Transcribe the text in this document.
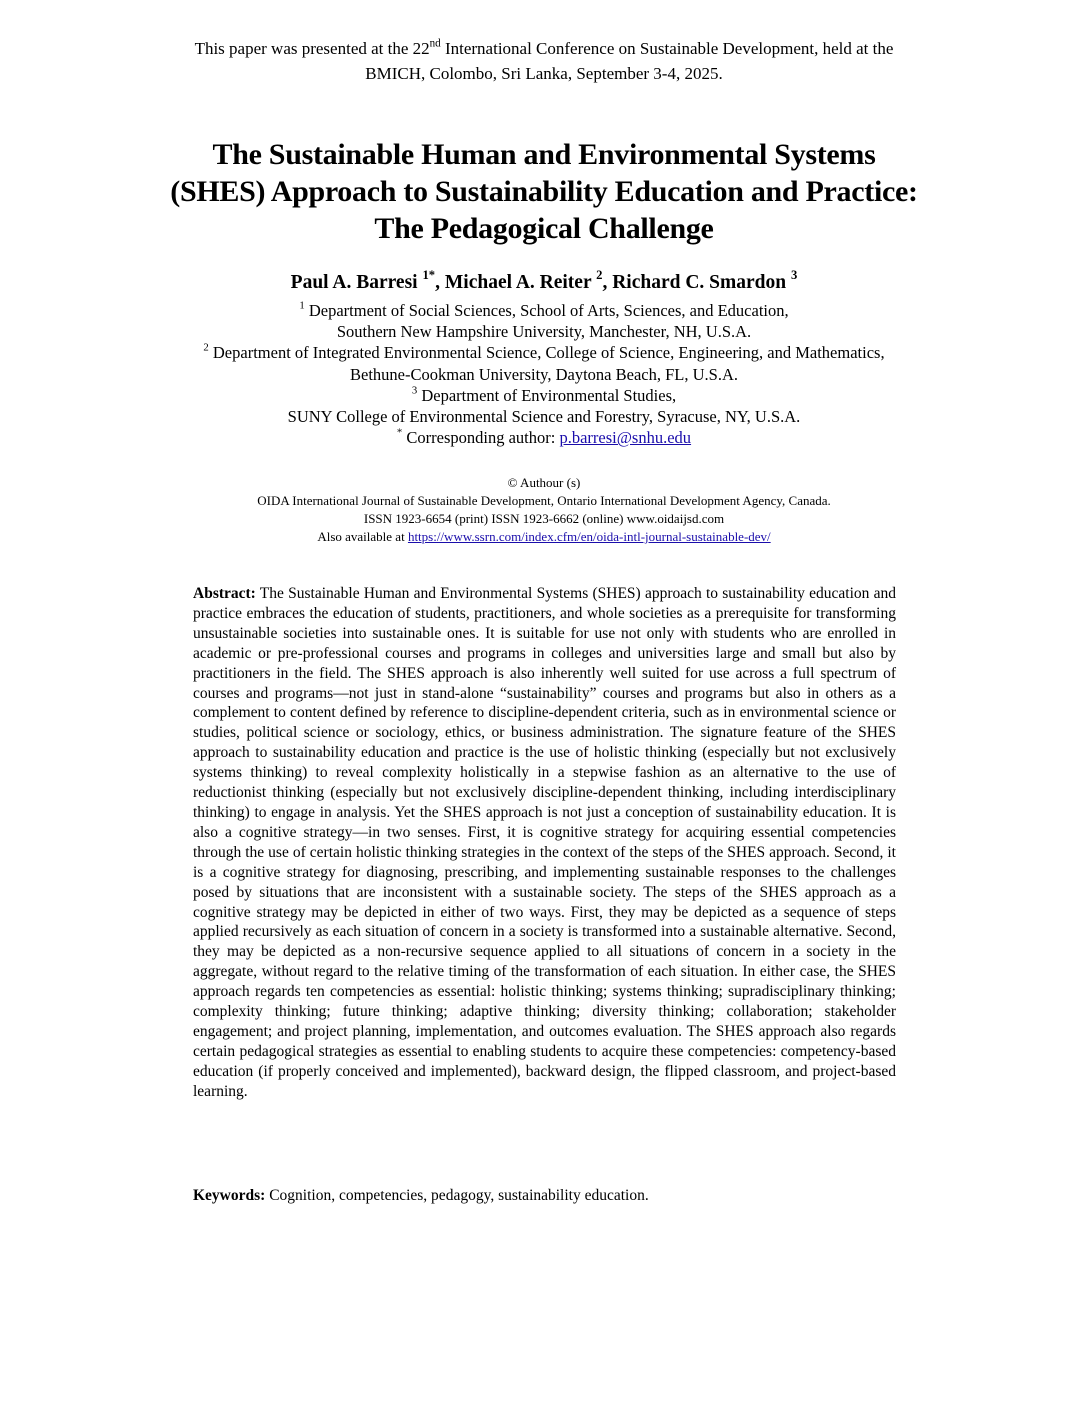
This paper was presented at the 22nd International Conference on Sustainable Development, held at the
BMICH, Colombo, Sri Lanka, September 3-4, 2025.
The Sustainable Human and Environmental Systems
(SHES) Approach to Sustainability Education and Practice:
The Pedagogical Challenge
Paul A. Barresi $^{1*}$, Michael A. Reiter $^2$, Richard C. Smardon $^3$
$^1$ Department of Social Sciences, School of Arts, Sciences, and Education,
Southern New Hampshire University, Manchester, NH, U.S.A.
$^2$ Department of Integrated Environmental Science, College of Science, Engineering, and Mathematics,
Bethune-Cookman University, Daytona Beach, FL, U.S.A.
$^3$ Department of Environmental Studies,
SUNY College of Environmental Science and Forestry, Syracuse, NY, U.S.A.
* Corresponding author: p.barresi@snhu.edu
© Authour (s)
OIDA International Journal of Sustainable Development, Ontario International Development Agency, Canada.
ISSN 1923-6654 (print) ISSN 1923-6662 (online) www.oidaijsd.com
Also available at https://www.ssrn.com/index.cfm/en/oida-intl-journal-sustainable-dev/
Abstract: The Sustainable Human and Environmental Systems (SHES) approach to sustainability education and practice embraces the education of students, practitioners, and whole societies as a prerequisite for transforming unsustainable societies into sustainable ones. It is suitable for use not only with students who are enrolled in academic or pre-professional courses and programs in colleges and universities large and small but also by practitioners in the field. The SHES approach is also inherently well suited for use across a full spectrum of courses and programs—not just in stand-alone “sustainability” courses and programs but also in others as a complement to content defined by reference to discipline-dependent criteria, such as in environmental science or studies, political science or sociology, ethics, or business administration. The signature feature of the SHES approach to sustainability education and practice is the use of holistic thinking (especially but not exclusively systems thinking) to reveal complexity holistically in a stepwise fashion as an alternative to the use of reductionist thinking (especially but not exclusively discipline-dependent thinking, including interdisciplinary thinking) to engage in analysis. Yet the SHES approach is not just a conception of sustainability education. It is also a cognitive strategy—in two senses. First, it is cognitive strategy for acquiring essential competencies through the use of certain holistic thinking strategies in the context of the steps of the SHES approach. Second, it is a cognitive strategy for diagnosing, prescribing, and implementing sustainable responses to the challenges posed by situations that are inconsistent with a sustainable society. The steps of the SHES approach as a cognitive strategy may be depicted in either of two ways. First, they may be depicted as a sequence of steps applied recursively as each situation of concern in a society is transformed into a sustainable alternative. Second, they may be depicted as a non-recursive sequence applied to all situations of concern in a society in the aggregate, without regard to the relative timing of the transformation of each situation. In either case, the SHES approach regards ten competencies as essential: holistic thinking; systems thinking; supradisciplinary thinking; complexity thinking; future thinking; adaptive thinking; diversity thinking; collaboration; stakeholder engagement; and project planning, implementation, and outcomes evaluation. The SHES approach also regards certain pedagogical strategies as essential to enabling students to acquire these competencies: competency-based education (if properly conceived and implemented), backward design, the flipped classroom, and project-based learning.
Keywords: Cognition, competencies, pedagogy, sustainability education.
